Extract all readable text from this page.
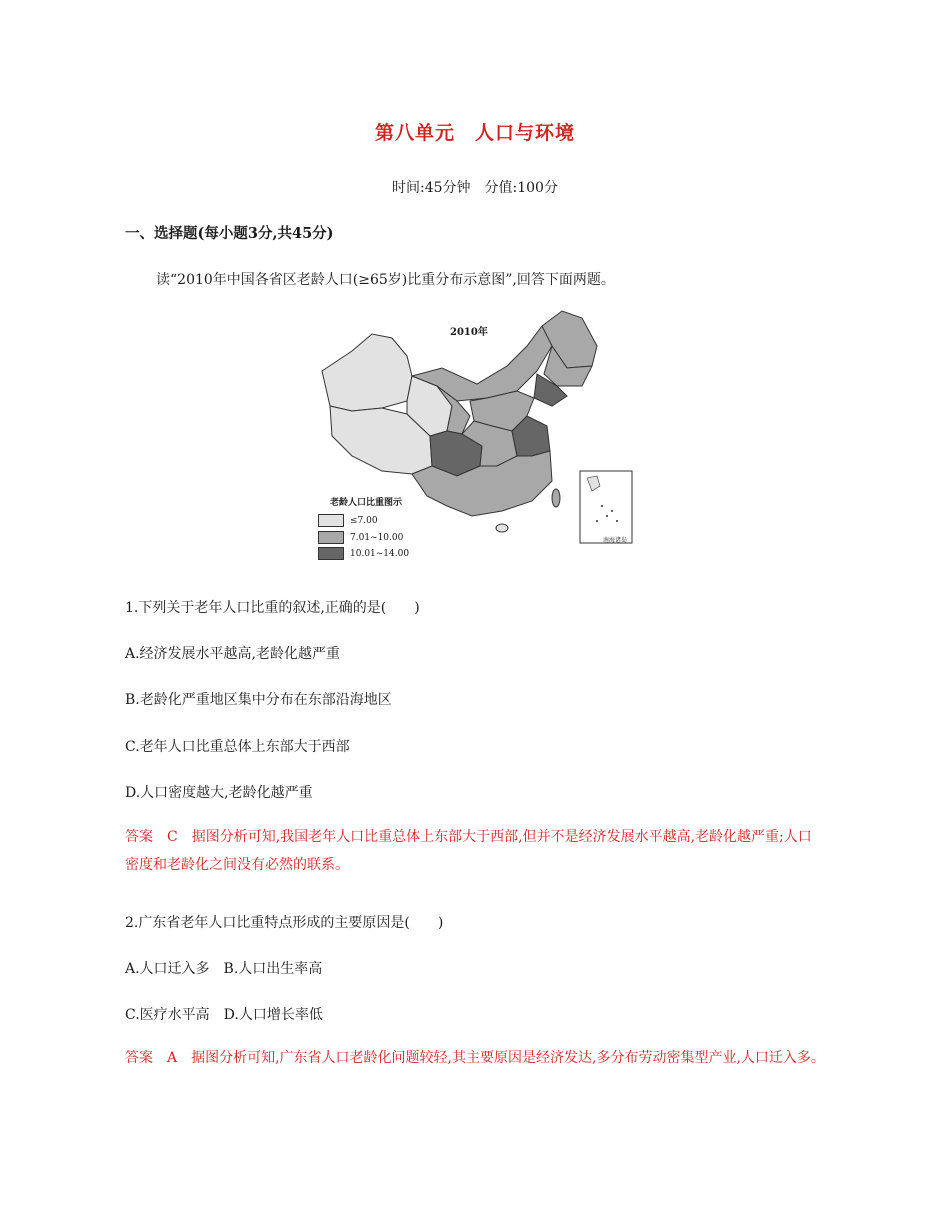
第八单元　人口与环境
时间:45分钟　分值:100分
一、选择题(每小题3分,共45分)
读“2010年中国各省区老龄人口(≥65岁)比重分布示意图”,回答下面两题。
2010年
南海诸岛
老龄人口比重图示
≤7.00
7.01~10.00
10.01~14.00
1.下列关于老年人口比重的叙述,正确的是(　　)
A.经济发展水平越高,老龄化越严重
B.老龄化严重地区集中分布在东部沿海地区
C.老年人口比重总体上东部大于西部
D.人口密度越大,老龄化越严重
答案　C　据图分析可知,我国老年人口比重总体上东部大于西部,但并不是经济发展水平越高,老龄化越严重;人口密度和老龄化之间没有必然的联系。
2.广东省老年人口比重特点形成的主要原因是(　　)
A.人口迁入多　B.人口出生率高
C.医疗水平高　D.人口增长率低
答案　A　据图分析可知,广东省人口老龄化问题较轻,其主要原因是经济发达,多分布劳动密集型产业,人口迁入多。
